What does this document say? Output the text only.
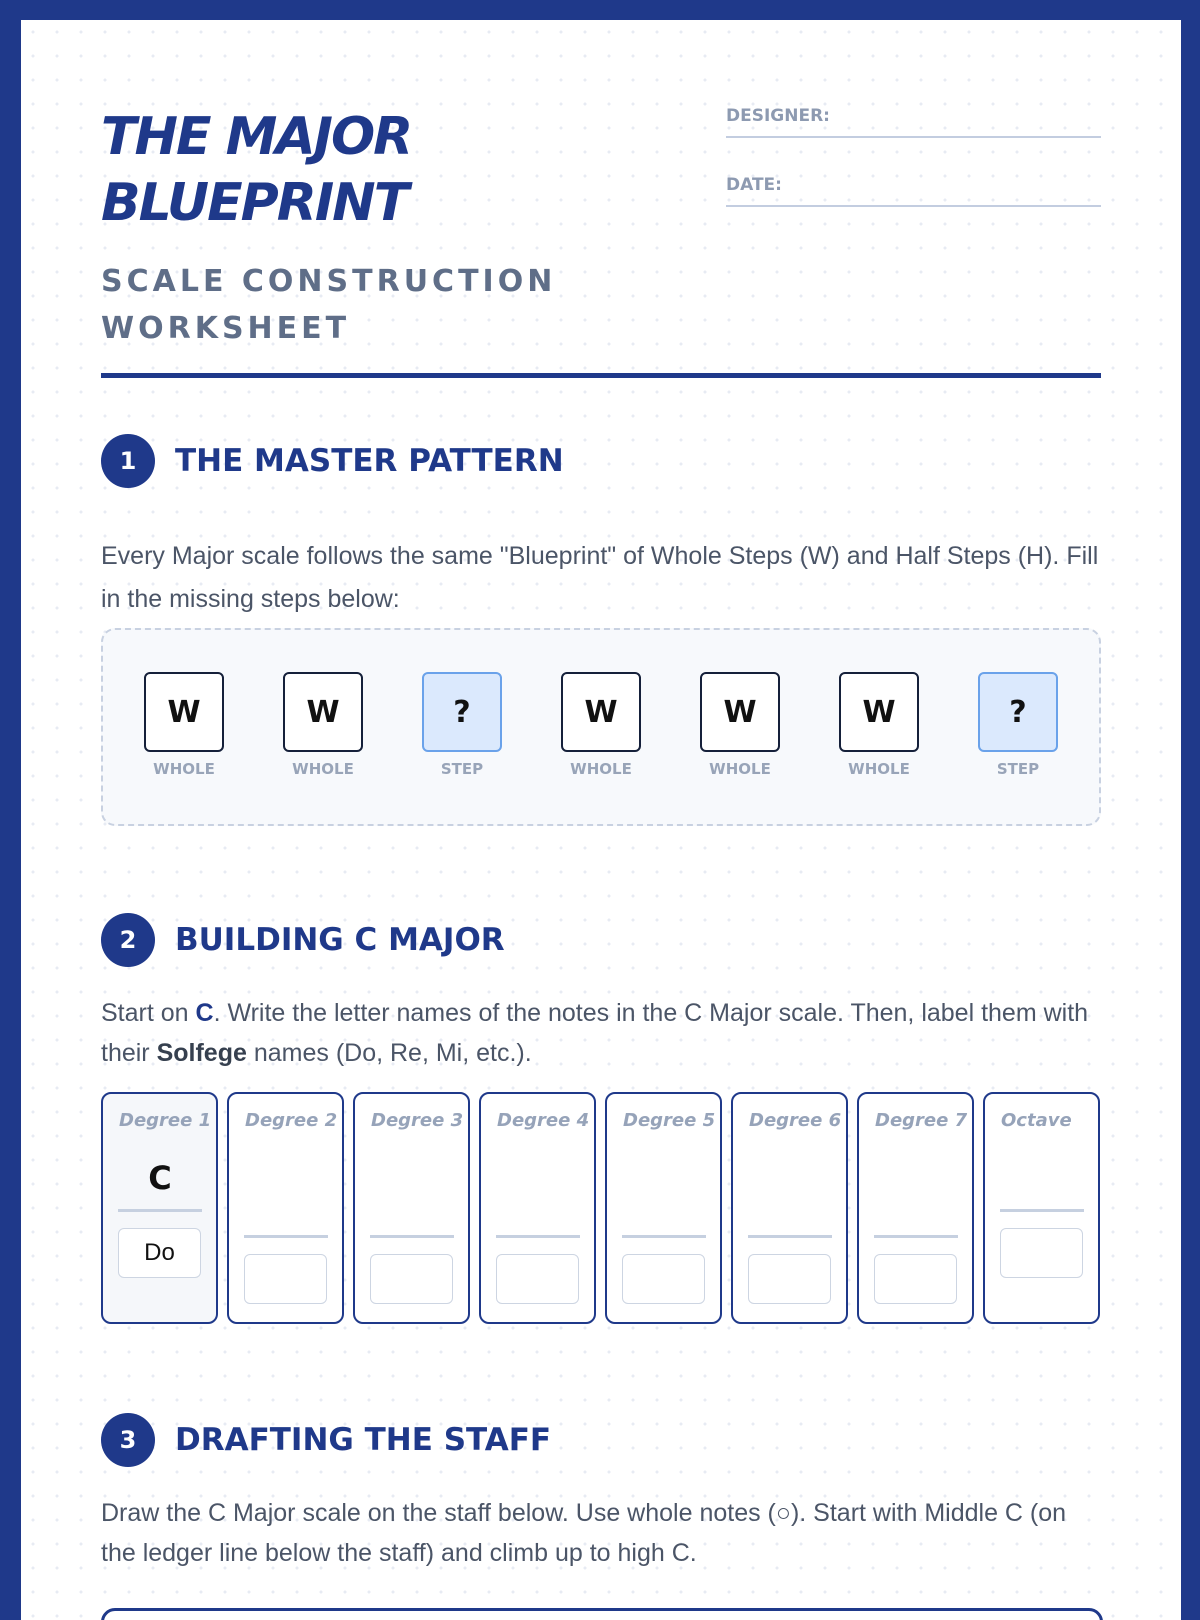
THE MAJOR
BLUEPRINT
SCALE CONSTRUCTION
WORKSHEET
DESIGNER:
DATE:
1	THE MASTER PATTERN

Every Major scale follows the same "Blueprint" of Whole Steps (W) and Half Steps (H). Fill in the missing steps below:

W
WHOLE
W
WHOLE
?
STEP
W
WHOLE
W
WHOLE
W
WHOLE
?
STEP
2	BUILDING C MAJOR

Start on C. Write the letter names of the notes in the C Major scale. Then, label them with their Solfege names (Do, Re, Mi, etc.).

Degree 1
C
Do
Degree 2 Degree 3 Degree 4 Degree 5 Degree 6 Degree 7 Octave
3	DRAFTING THE STAFF

Draw the C Major scale on the staff below. Use whole notes (○). Start with Middle C (on the ledger line below the staff) and climb up to high C.
